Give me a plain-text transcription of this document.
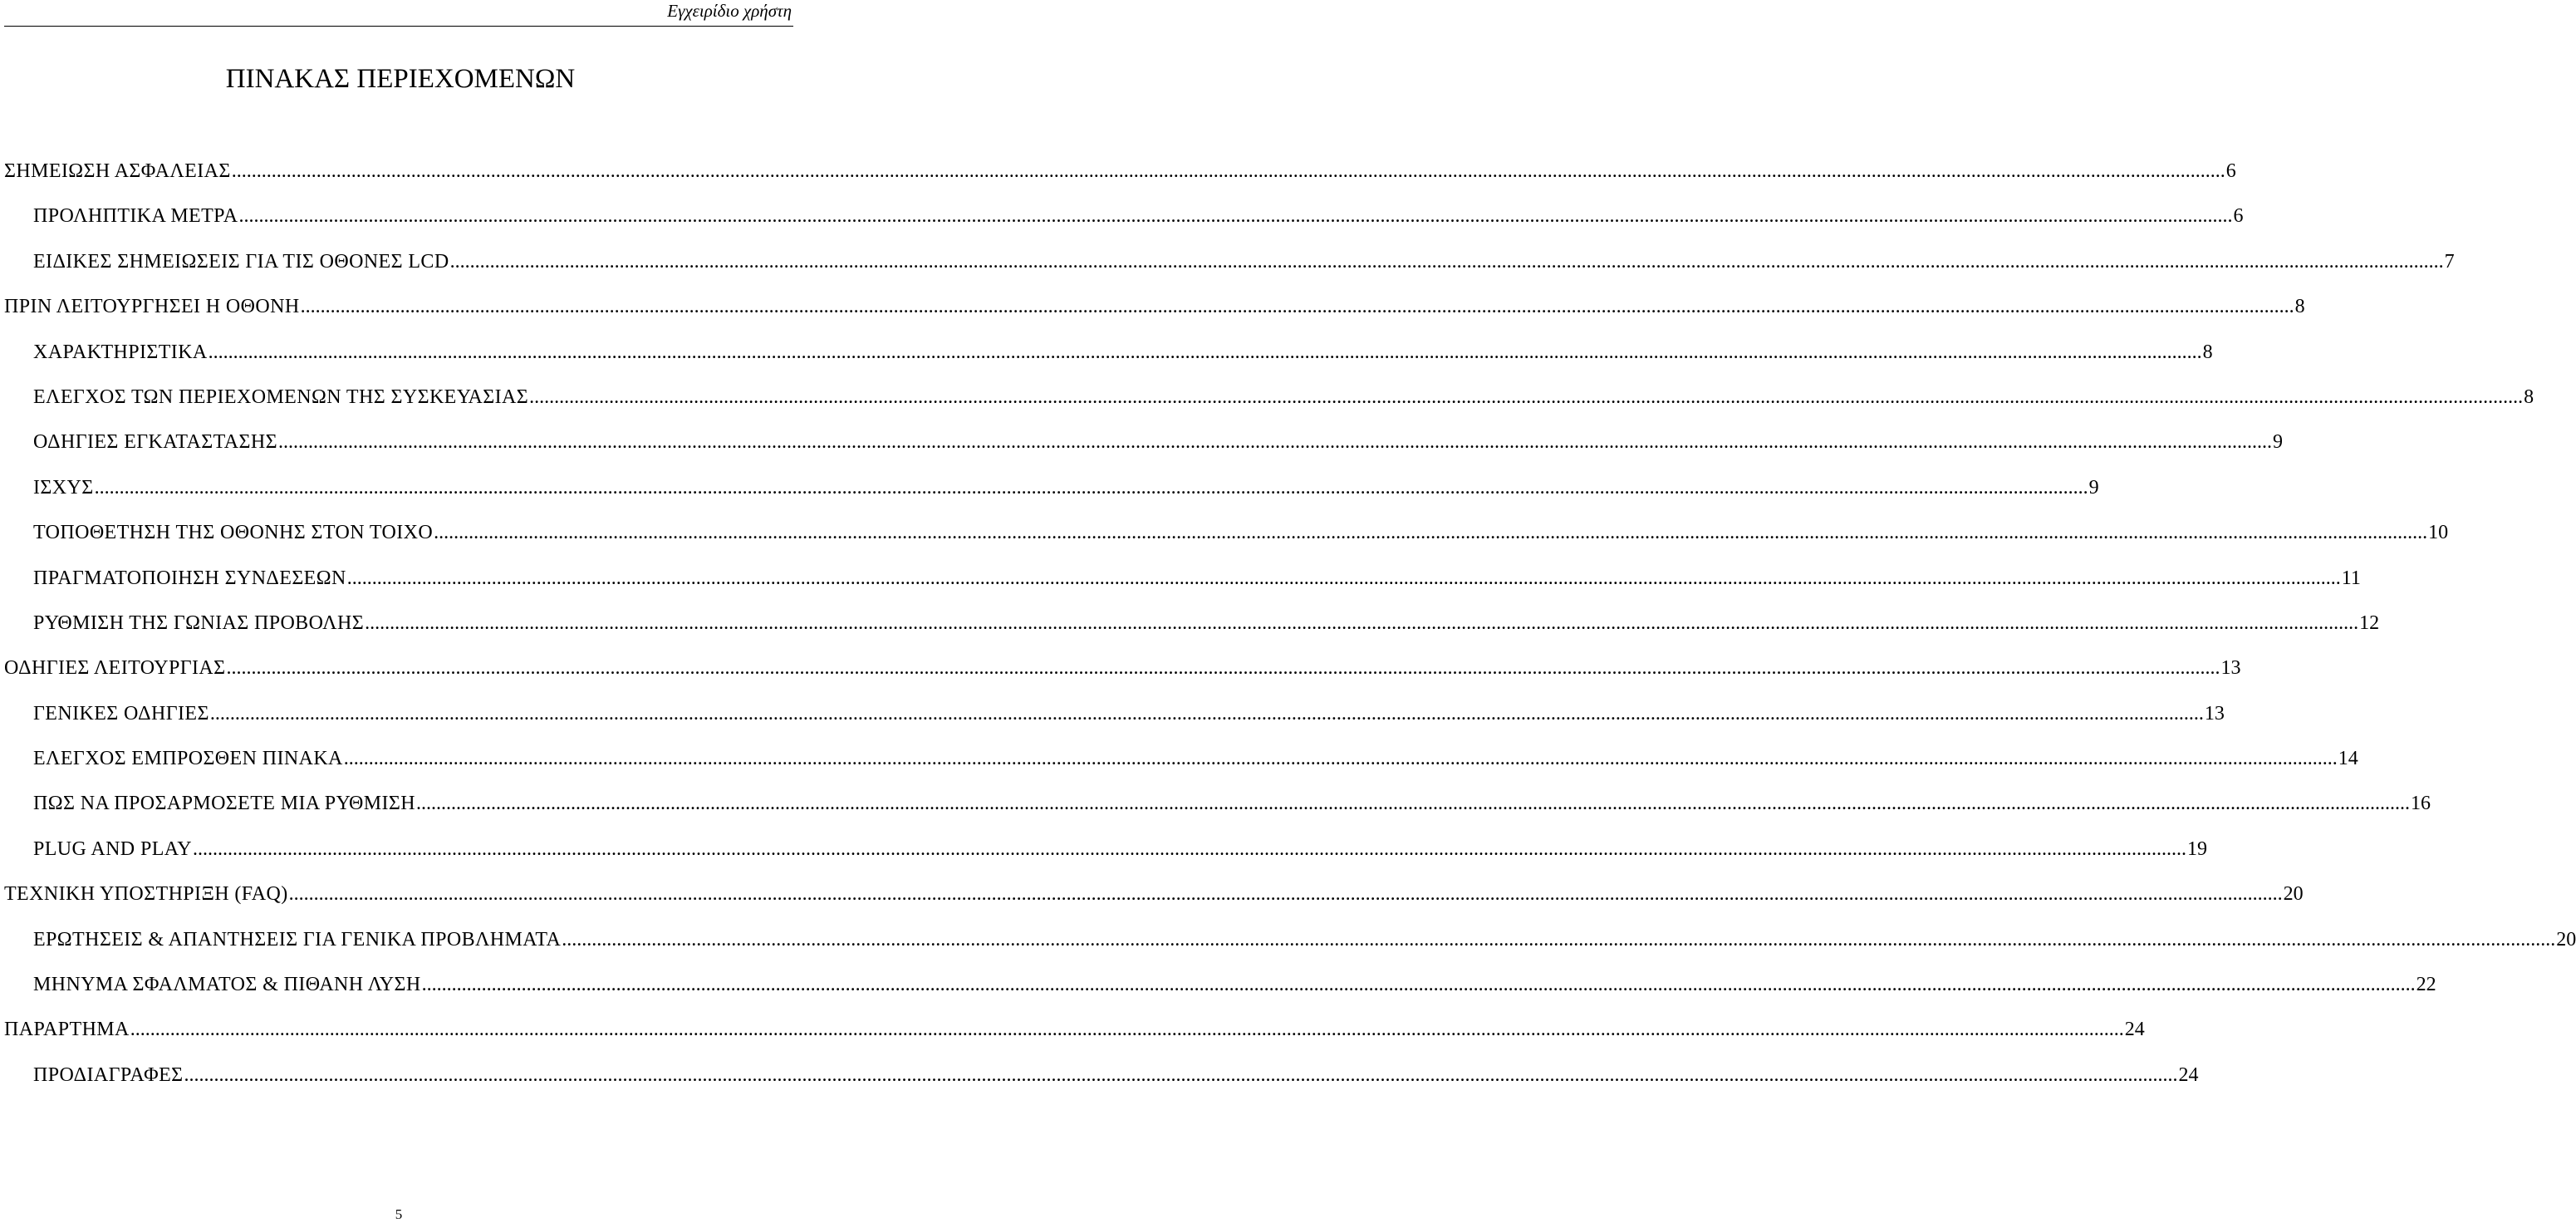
Εγχειρίδιο χρήστη
ΠΙΝΑΚΑΣ ΠΕΡΙΕΧΟΜΕΝΩΝ
ΣΗΜΕΙΩΣΗ ΑΣΦΑΛΕΙΑΣ ................................................................................................................................................................................................................................................................................................................................................................................................................ 6
ΠΡΟΛΗΠΤΙΚΑ ΜΕΤΡΑ ................................................................................................................................................................................................................................................................................................................................................................................................................ 6
ΕΙΔΙΚΕΣ ΣΗΜΕΙΩΣΕΙΣ ΓΙΑ ΤΙΣ ΟΘΟΝΕΣ LCD ................................................................................................................................................................................................................................................................................................................................................................................................................ 7
ΠΡΙΝ ΛΕΙΤΟΥΡΓΗΣΕΙ Η ΟΘΟΝΗ ................................................................................................................................................................................................................................................................................................................................................................................................................ 8
ΧΑΡΑΚΤΗΡΙΣΤΙΚΑ ................................................................................................................................................................................................................................................................................................................................................................................................................ 8
ΕΛΕΓΧΟΣ ΤΩΝ ΠΕΡΙΕΧΟΜΕΝΩΝ ΤΗΣ ΣΥΣΚΕΥΑΣΙΑΣ ................................................................................................................................................................................................................................................................................................................................................................................................................ 8
ΟΔΗΓΙΕΣ ΕΓΚΑΤΑΣΤΑΣΗΣ ................................................................................................................................................................................................................................................................................................................................................................................................................ 9
ΙΣΧΥΣ ................................................................................................................................................................................................................................................................................................................................................................................................................ 9
ΤΟΠΟΘΕΤΗΣΗ ΤΗΣ ΟΘΟΝΗΣ ΣΤΟΝ ΤΟΙΧΟ ................................................................................................................................................................................................................................................................................................................................................................................................................ 10
ΠΡΑΓΜΑΤΟΠΟΙΗΣΗ ΣΥΝΔΕΣΕΩΝ ................................................................................................................................................................................................................................................................................................................................................................................................................ 11
ΡΥΘΜΙΣΗ ΤΗΣ ΓΩΝΙΑΣ ΠΡΟΒΟΛΗΣ ................................................................................................................................................................................................................................................................................................................................................................................................................ 12
ΟΔΗΓΙΕΣ ΛΕΙΤΟΥΡΓΙΑΣ ................................................................................................................................................................................................................................................................................................................................................................................................................ 13
ΓΕΝΙΚΕΣ ΟΔΗΓΙΕΣ ................................................................................................................................................................................................................................................................................................................................................................................................................ 13
ΕΛΕΓΧΟΣ ΕΜΠΡΟΣΘΕΝ ΠΙΝΑΚΑ ................................................................................................................................................................................................................................................................................................................................................................................................................ 14
ΠΩΣ ΝΑ ΠΡΟΣΑΡΜΟΣΕΤΕ ΜΙΑ ΡΥΘΜΙΣΗ ................................................................................................................................................................................................................................................................................................................................................................................................................ 16
PLUG AND PLAY ................................................................................................................................................................................................................................................................................................................................................................................................................ 19
ΤΕΧΝΙΚΗ ΥΠΟΣΤΗΡΙΞΗ (FAQ) ................................................................................................................................................................................................................................................................................................................................................................................................................ 20
ΕΡΩΤΗΣΕΙΣ & ΑΠΑΝΤΗΣΕΙΣ ΓΙΑ ΓΕΝΙΚΑ ΠΡΟΒΛΗΜΑΤΑ ................................................................................................................................................................................................................................................................................................................................................................................................................ 20
ΜΗΝΥΜΑ ΣΦΑΛΜΑΤΟΣ & ΠΙΘΑΝΗ ΛΥΣΗ ................................................................................................................................................................................................................................................................................................................................................................................................................ 22
ΠΑΡΑΡΤΗΜΑ ................................................................................................................................................................................................................................................................................................................................................................................................................ 24
ΠΡΟΔΙΑΓΡΑΦΕΣ ................................................................................................................................................................................................................................................................................................................................................................................................................ 24
5
